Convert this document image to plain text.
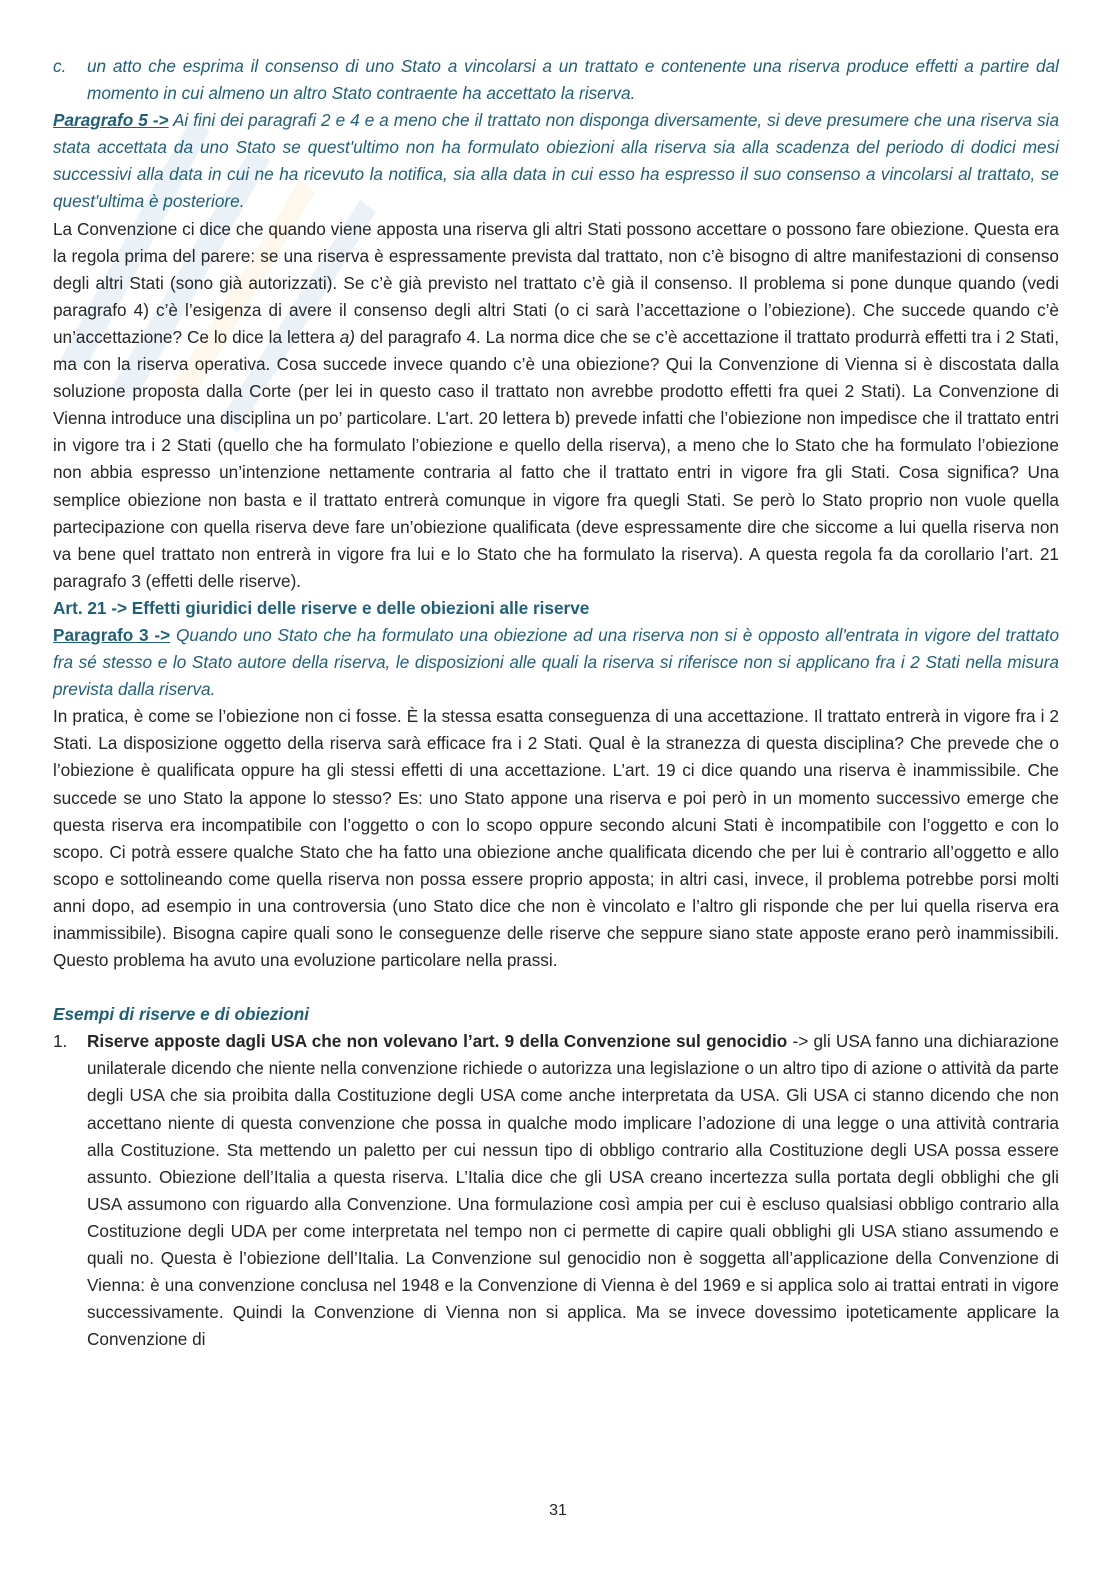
c. un atto che esprima il consenso di uno Stato a vincolarsi a un trattato e contenente una riserva produce effetti a partire dal momento in cui almeno un altro Stato contraente ha accettato la riserva.

Paragrafo 5 -> Ai fini dei paragrafi 2 e 4 e a meno che il trattato non disponga diversamente, si deve presumere che una riserva sia stata accettata da uno Stato se quest'ultimo non ha formulato obiezioni alla riserva sia alla scadenza del periodo di dodici mesi successivi alla data in cui ne ha ricevuto la notifica, sia alla data in cui esso ha espresso il suo consenso a vincolarsi al trattato, se quest'ultima è posteriore.

La Convenzione ci dice che quando viene apposta una riserva gli altri Stati possono accettare o possono fare obiezione. Questa era la regola prima del parere: se una riserva è espressamente prevista dal trattato, non c’è bisogno di altre manifestazioni di consenso degli altri Stati (sono già autorizzati). Se c’è già previsto nel trattato c’è già il consenso. Il problema si pone dunque quando (vedi paragrafo 4) c’è l’esigenza di avere il consenso degli altri Stati (o ci sarà l’accettazione o l’obiezione). Che succede quando c’è un’accettazione? Ce lo dice la lettera a) del paragrafo 4. La norma dice che se c’è accettazione il trattato produrrà effetti tra i 2 Stati, ma con la riserva operativa. Cosa succede invece quando c’è una obiezione? Qui la Convenzione di Vienna si è discostata dalla soluzione proposta dalla Corte (per lei in questo caso il trattato non avrebbe prodotto effetti fra quei 2 Stati). La Convenzione di Vienna introduce una disciplina un po’ particolare. L’art. 20 lettera b) prevede infatti che l’obiezione non impedisce che il trattato entri in vigore tra i 2 Stati (quello che ha formulato l’obiezione e quello della riserva), a meno che lo Stato che ha formulato l’obiezione non abbia espresso un’intenzione nettamente contraria al fatto che il trattato entri in vigore fra gli Stati. Cosa significa? Una semplice obiezione non basta e il trattato entrerà comunque in vigore fra quegli Stati. Se però lo Stato proprio non vuole quella partecipazione con quella riserva deve fare un’obiezione qualificata (deve espressamente dire che siccome a lui quella riserva non va bene quel trattato non entrerà in vigore fra lui e lo Stato che ha formulato la riserva). A questa regola fa da corollario l’art. 21 paragrafo 3 (effetti delle riserve).

Art. 21 -> Effetti giuridici delle riserve e delle obiezioni alle riserve

Paragrafo 3 -> Quando uno Stato che ha formulato una obiezione ad una riserva non si è opposto all'entrata in vigore del trattato fra sé stesso e lo Stato autore della riserva, le disposizioni alle quali la riserva si riferisce non si applicano fra i 2 Stati nella misura prevista dalla riserva.

In pratica, è come se l’obiezione non ci fosse. È la stessa esatta conseguenza di una accettazione. Il trattato entrerà in vigore fra i 2 Stati. La disposizione oggetto della riserva sarà efficace fra i 2 Stati. Qual è la stranezza di questa disciplina? Che prevede che o l’obiezione è qualificata oppure ha gli stessi effetti di una accettazione. L’art. 19 ci dice quando una riserva è inammissibile. Che succede se uno Stato la appone lo stesso? Es: uno Stato appone una riserva e poi però in un momento successivo emerge che questa riserva era incompatibile con l’oggetto o con lo scopo oppure secondo alcuni Stati è incompatibile con l’oggetto e con lo scopo. Ci potrà essere qualche Stato che ha fatto una obiezione anche qualificata dicendo che per lui è contrario all’oggetto e allo scopo e sottolineando come quella riserva non possa essere proprio apposta; in altri casi, invece, il problema potrebbe porsi molti anni dopo, ad esempio in una controversia (uno Stato dice che non è vincolato e l’altro gli risponde che per lui quella riserva era inammissibile). Bisogna capire quali sono le conseguenze delle riserve che seppure siano state apposte erano però inammissibili. Questo problema ha avuto una evoluzione particolare nella prassi.

Esempi di riserve e di obiezioni

1. Riserve apposte dagli USA che non volevano l’art. 9 della Convenzione sul genocidio -> gli USA fanno una dichiarazione unilaterale dicendo che niente nella convenzione richiede o autorizza una legislazione o un altro tipo di azione o attività da parte degli USA che sia proibita dalla Costituzione degli USA come anche interpretata da USA. Gli USA ci stanno dicendo che non accettano niente di questa convenzione che possa in qualche modo implicare l’adozione di una legge o una attività contraria alla Costituzione. Sta mettendo un paletto per cui nessun tipo di obbligo contrario alla Costituzione degli USA possa essere assunto. Obiezione dell’Italia a questa riserva. L’Italia dice che gli USA creano incertezza sulla portata degli obblighi che gli USA assumono con riguardo alla Convenzione. Una formulazione così ampia per cui è escluso qualsiasi obbligo contrario alla Costituzione degli UDA per come interpretata nel tempo non ci permette di capire quali obblighi gli USA stiano assumendo e quali no. Questa è l’obiezione dell’Italia. La Convenzione sul genocidio non è soggetta all’applicazione della Convenzione di Vienna: è una convenzione conclusa nel 1948 e la Convenzione di Vienna è del 1969 e si applica solo ai trattai entrati in vigore successivamente. Quindi la Convenzione di Vienna non si applica. Ma se invece dovessimo ipoteticamente applicare la Convenzione di

31
